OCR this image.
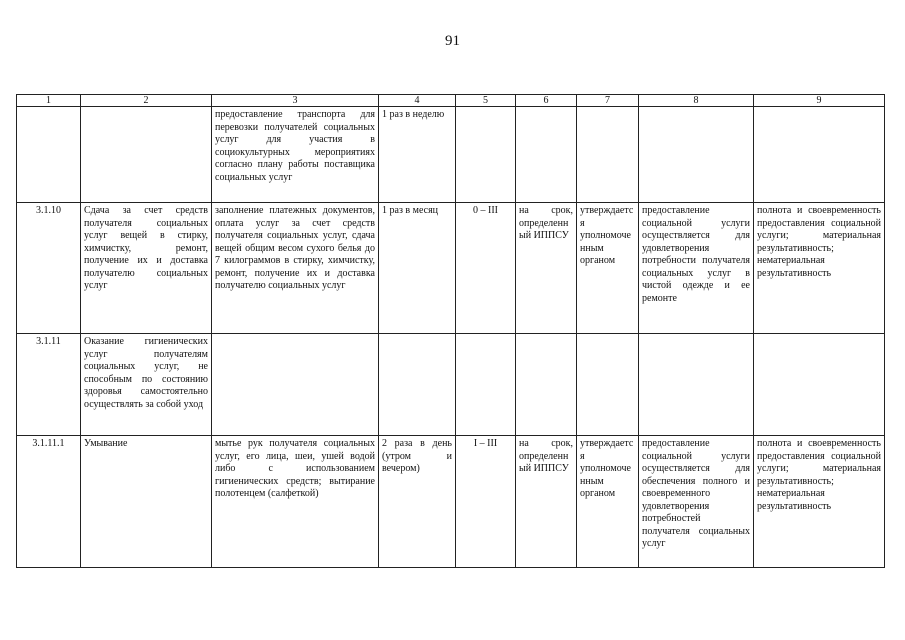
91
1	2	3	4	5	6	7	8	9
		предоставление транспорта для перевозки получателей социальных услуг для участия в социокультурных мероприятиях согласно плану работы поставщика социальных услуг	1 раз в неделю					
3.1.10	Сдача за счет средств получателя социальных услуг вещей в стирку, химчистку, ремонт, получение их и доставка получателю социальных услуг	заполнение платежных документов, оплата услуг за счет средств получателя социальных услуг, сдача вещей общим весом сухого белья до 7 килограммов в стирку, химчистку, ремонт, получение их и доставка получателю социальных услуг	1 раз в месяц	0 – III	на срок, определенный ИППСУ	утверждается уполномоченным органом	предоставление социальной услуги осуществляется для удовлетворения потребности получателя социальных услуг в чистой одежде и ее ремонте	полнота и своевременность предоставления социальной услуги; материальная результативность; нематериальная результативность
3.1.11	Оказание гигиенических услуг получателям социальных услуг, не способным по состоянию здоровья самостоятельно осуществлять за собой уход							
3.1.11.1	Умывание	мытье рук получателя социальных услуг, его лица, шеи, ушей водой либо с использованием гигиенических средств; вытирание полотенцем (салфеткой)	2 раза в день (утром и вечером)	I – III	на срок, определенный ИППСУ	утверждается уполномоченным органом	предоставление социальной услуги осуществляется для обеспечения полного и своевременного удовлетворения потребностей получателя социальных услуг	полнота и своевременность предоставления социальной услуги; материальная результативность; нематериальная результативность
